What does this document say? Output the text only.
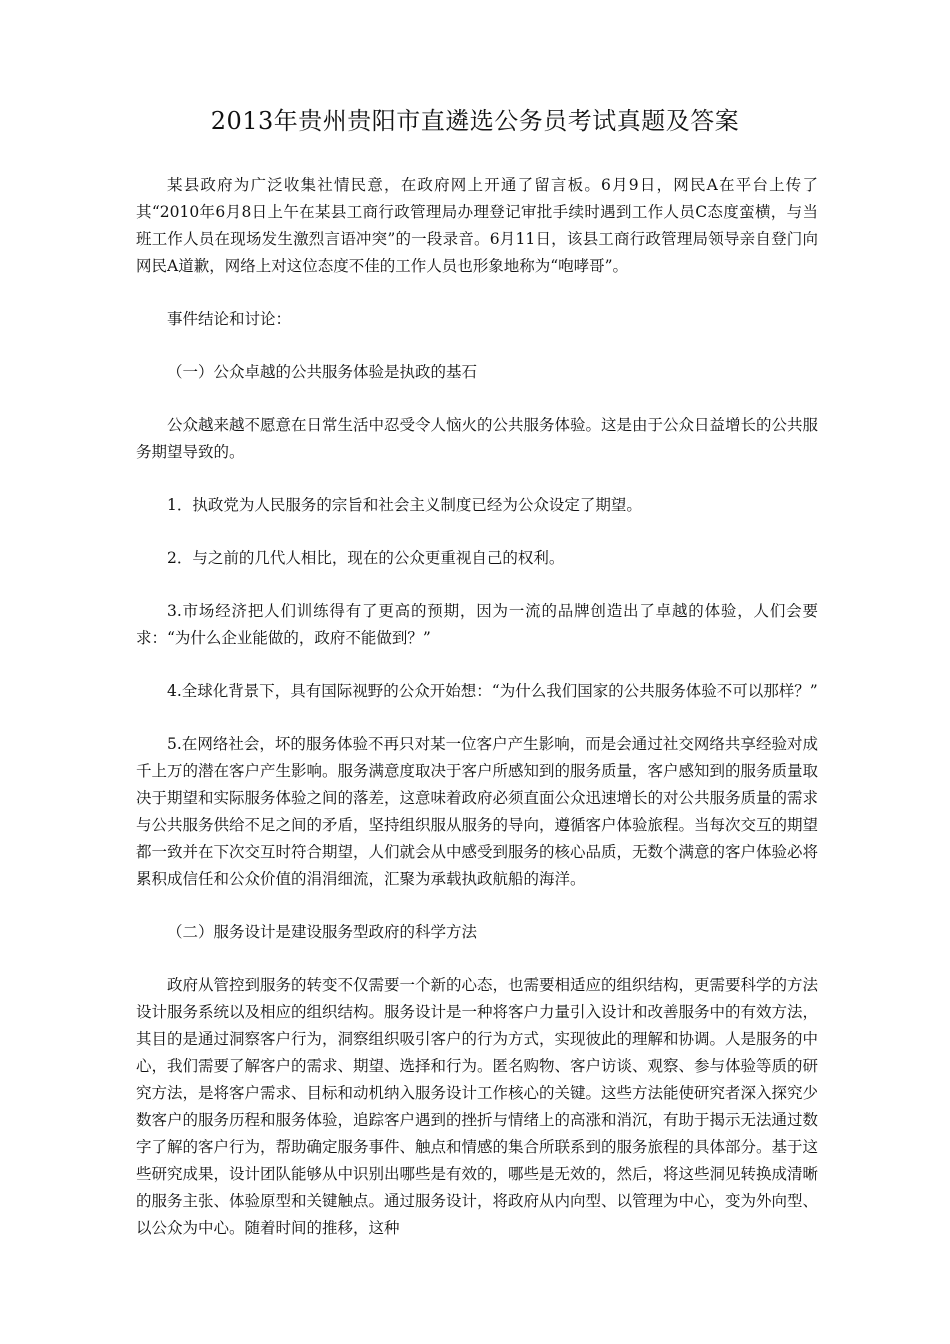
2013年贵州贵阳市直遴选公务员考试真题及答案

某县政府为广泛收集社情民意，在政府网上开通了留言板。6月9日，网民A在平台上传了其“2010年6月8日上午在某县工商行政管理局办理登记审批手续时遇到工作人员C态度蛮横，与当班工作人员在现场发生激烈言语冲突”的一段录音。6月11日，该县工商行政管理局领导亲自登门向网民A道歉，网络上对这位态度不佳的工作人员也形象地称为“咆哮哥”。

事件结论和讨论：

（一）公众卓越的公共服务体验是执政的基石

公众越来越不愿意在日常生活中忍受令人恼火的公共服务体验。这是由于公众日益增长的公共服务期望导致的。

1．执政党为人民服务的宗旨和社会主义制度已经为公众设定了期望。

2．与之前的几代人相比，现在的公众更重视自己的权利。

3.市场经济把人们训练得有了更高的预期，因为一流的品牌创造出了卓越的体验，人们会要求：“为什么企业能做的，政府不能做到？”

4.全球化背景下，具有国际视野的公众开始想：“为什么我们国家的公共服务体验不可以那样？”

5.在网络社会，坏的服务体验不再只对某一位客户产生影响，而是会通过社交网络共享经验对成千上万的潜在客户产生影响。服务满意度取决于客户所感知到的服务质量，客户感知到的服务质量取决于期望和实际服务体验之间的落差，这意味着政府必须直面公众迅速增长的对公共服务质量的需求与公共服务供给不足之间的矛盾，坚持组织服从服务的导向，遵循客户体验旅程。当每次交互的期望都一致并在下次交互时符合期望，人们就会从中感受到服务的核心品质，无数个满意的客户体验必将累积成信任和公众价值的涓涓细流，汇聚为承载执政航船的海洋。

（二）服务设计是建设服务型政府的科学方法

政府从管控到服务的转变不仅需要一个新的心态，也需要相适应的组织结构，更需要科学的方法设计服务系统以及相应的组织结构。服务设计是一种将客户力量引入设计和改善服务中的有效方法，其目的是通过洞察客户行为，洞察组织吸引客户的行为方式，实现彼此的理解和协调。人是服务的中心，我们需要了解客户的需求、期望、选择和行为。匿名购物、客户访谈、观察、参与体验等质的研究方法，是将客户需求、目标和动机纳入服务设计工作核心的关键。这些方法能使研究者深入探究少数客户的服务历程和服务体验，追踪客户遇到的挫折与情绪上的高涨和消沉，有助于揭示无法通过数字了解的客户行为，帮助确定服务事件、触点和情感的集合所联系到的服务旅程的具体部分。基于这些研究成果，设计团队能够从中识别出哪些是有效的，哪些是无效的，然后，将这些洞见转换成清晰的服务主张、体验原型和关键触点。通过服务设计，将政府从内向型、以管理为中心，变为外向型、以公众为中心。随着时间的推移，这种
